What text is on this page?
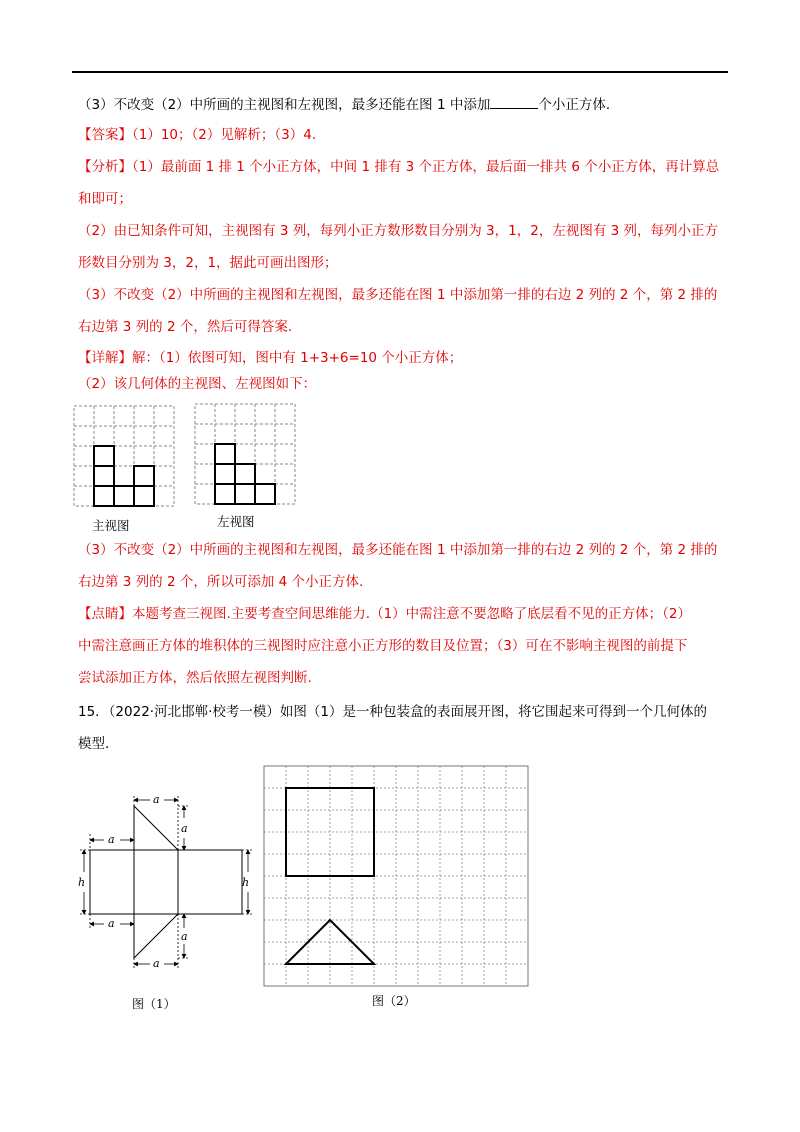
（3）不改变（2）中所画的主视图和左视图，最多还能在图 1 中添加	个小正方体．
【答案】（1）10；（2）见解析；（3）4.
【分析】（1）最前面 1 排 1 个小正方体，中间 1 排有 3 个正方体，最后面一排共 6 个小正方体，再计算总
和即可；
（2）由已知条件可知，主视图有 3 列，每列小正方数形数目分别为 3，1，2，左视图有 3 列，每列小正方
形数目分别为 3，2，1，据此可画出图形；
（3）不改变（2）中所画的主视图和左视图，最多还能在图 1 中添加第一排的右边 2 列的 2 个，第 2 排的
右边第 3 列的 2 个，然后可得答案.
【详解】解：（1）依图可知，图中有 1+3+6=10 个小正方体；
（2）该几何体的主视图、左视图如下：
主视图	左视图
（3）不改变（2）中所画的主视图和左视图，最多还能在图 1 中添加第一排的右边 2 列的 2 个，第 2 排的
右边第 3 列的 2 个，所以可添加 4 个小正方体.
【点睛】本题考查三视图.主要考查空间思维能力.（1）中需注意不要忽略了底层看不见的正方体；（2）
中需注意画正方体的堆积体的三视图时应注意小正方形的数目及位置；（3）可在不影响主视图的前提下
尝试添加正方体，然后依照左视图判断.
15．（2022·河北邯郸·校考一模）如图（1）是一种包装盒的表面展开图，将它围起来可得到一个几何体的
模型．
a
a
a
h	h
a
a
a
图（1）	图（2）
